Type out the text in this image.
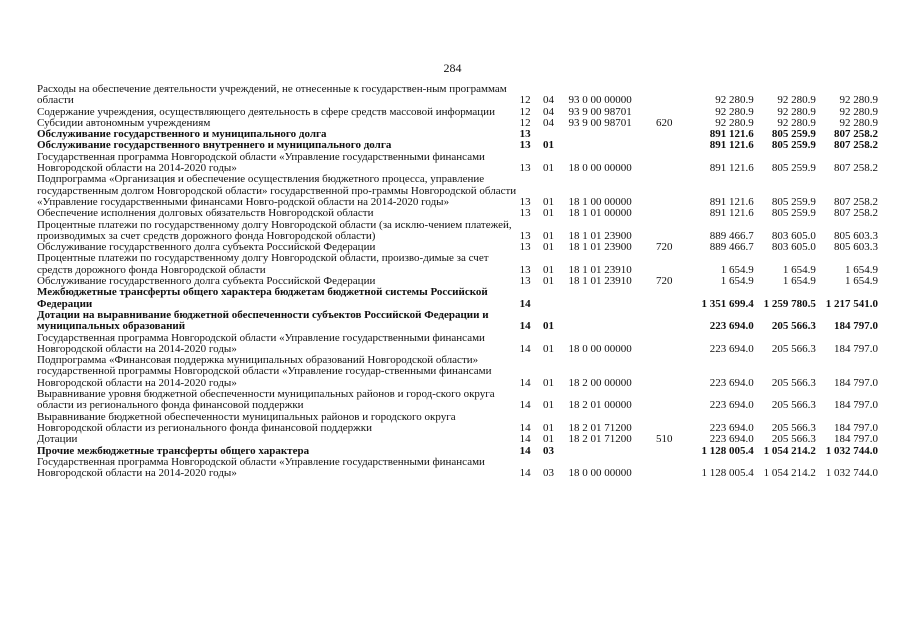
284
Расходы на обеспечение деятельности учреждений, не отнесенные к государствен-ным программам области	12	04	93 0 00 00000		92 280.9	92 280.9	92 280.9
Содержание учреждения, осуществляющего деятельность в сфере средств массовой информации	12	04	93 9 00 98701		92 280.9	92 280.9	92 280.9
Субсидии автономным учреждениям	12	04	93 9 00 98701	620	92 280.9	92 280.9	92 280.9
Обслуживание государственного и муниципального долга	13				891 121.6	805 259.9	807 258.2
Обслуживание государственного внутреннего и муниципального долга	13	01			891 121.6	805 259.9	807 258.2
Государственная программа Новгородской области «Управление государственными финансами Новгородской области на 2014-2020 годы»	13	01	18 0 00 00000		891 121.6	805 259.9	807 258.2
Подпрограмма «Организация и обеспечение осуществления бюджетного процесса, управление государственным долгом Новгородской области» государственной про-граммы Новгородской области «Управление государственными финансами Новго-родской области на 2014-2020 годы»	13	01	18 1 00 00000		891 121.6	805 259.9	807 258.2
Обеспечение исполнения долговых обязательств Новгородской области	13	01	18 1 01 00000		891 121.6	805 259.9	807 258.2
Процентные платежи по государственному долгу Новгородской области (за исклю-чением платежей, производимых за счет средств дорожного фонда Новгородской области)	13	01	18 1 01 23900		889 466.7	803 605.0	805 603.3
Обслуживание государственного долга субъекта Российской Федерации	13	01	18 1 01 23900	720	889 466.7	803 605.0	805 603.3
Процентные платежи по государственному долгу Новгородской области, произво-димые за счет средств дорожного фонда Новгородской области	13	01	18 1 01 23910		1 654.9	1 654.9	1 654.9
Обслуживание государственного долга субъекта Российской Федерации	13	01	18 1 01 23910	720	1 654.9	1 654.9	1 654.9
Межбюджетные трансферты общего характера бюджетам бюджетной системы Российской Федерации	14				1 351 699.4	1 259 780.5	1 217 541.0
Дотации на выравнивание бюджетной обеспеченности субъектов Российской Федерации и муниципальных образований	14	01			223 694.0	205 566.3	184 797.0
Государственная программа Новгородской области «Управление государственными финансами Новгородской области на 2014-2020 годы»	14	01	18 0 00 00000		223 694.0	205 566.3	184 797.0
Подпрограмма «Финансовая поддержка муниципальных образований Новгородской области» государственной программы Новгородской области «Управление государ-ственными финансами Новгородской области на 2014-2020 годы»	14	01	18 2 00 00000		223 694.0	205 566.3	184 797.0
Выравнивание уровня бюджетной обеспеченности муниципальных районов и город-ского округа области из регионального фонда финансовой поддержки	14	01	18 2 01 00000		223 694.0	205 566.3	184 797.0
Выравнивание бюджетной обеспеченности муниципальных районов и городского округа Новгородской области из регионального фонда финансовой поддержки	14	01	18 2 01 71200		223 694.0	205 566.3	184 797.0
Дотации	14	01	18 2 01 71200	510	223 694.0	205 566.3	184 797.0
Прочие межбюджетные трансферты общего характера	14	03			1 128 005.4	1 054 214.2	1 032 744.0
Государственная программа Новгородской области «Управление государственными финансами Новгородской области на 2014-2020 годы»	14	03	18 0 00 00000		1 128 005.4	1 054 214.2	1 032 744.0
